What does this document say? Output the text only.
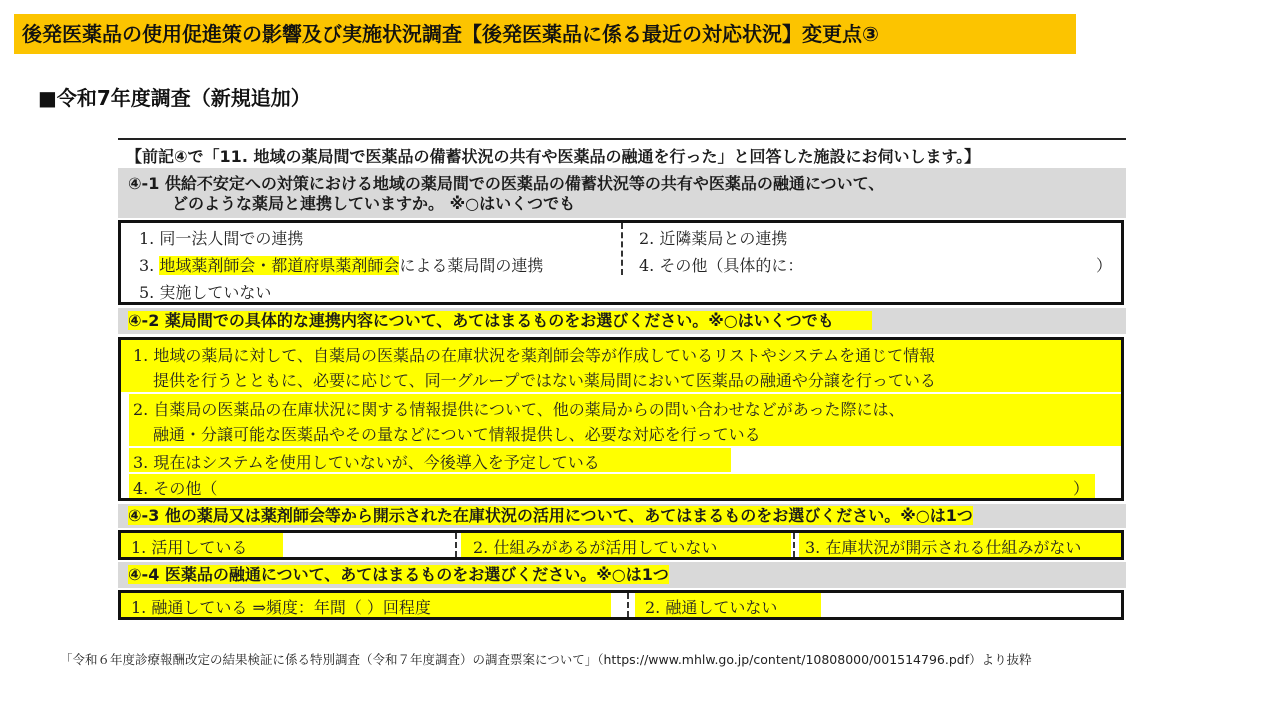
後発医薬品の使用促進策の影響及び実施状況調査【後発医薬品に係る最近の対応状況】変更点③
■令和7年度調査（新規追加）
【前記④で「11. 地域の薬局間で医薬品の備蓄状況の共有や医薬品の融通を行った」と回答した施設にお伺いします。】
④-1 供給不安定への対策における地域の薬局間での医薬品の備蓄状況等の共有や医薬品の融通について、
どのような薬局と連携していますか。 ※○はいくつでも
1. 同一法人間での連携	2. 近隣薬局との連携
3. 地域薬剤師会・都道府県薬剤師会による薬局間の連携	4. その他（具体的に：	）
5. 実施していない
④-2 薬局間での具体的な連携内容について、あてはまるものをお選びください。※○はいくつでも
1. 地域の薬局に対して、自薬局の医薬品の在庫状況を薬剤師会等が作成しているリストやシステムを通じて情報
提供を行うとともに、必要に応じて、同一グループではない薬局間において医薬品の融通や分譲を行っている
2. 自薬局の医薬品の在庫状況に関する情報提供について、他の薬局からの問い合わせなどがあった際には、
融通・分譲可能な医薬品やその量などについて情報提供し、必要な対応を行っている
3. 現在はシステムを使用していないが、今後導入を予定している
4. その他（	）
④-3 他の薬局又は薬剤師会等から開示された在庫状況の活用について、あてはまるものをお選びください。※○は1つ
1. 活用している	2. 仕組みがあるが活用していない	3. 在庫状況が開示される仕組みがない
④-4 医薬品の融通について、あてはまるものをお選びください。※○は1つ
1. 融通している ⇒頻度：年間（ ）回程度	2. 融通していない
「令和６年度診療報酬改定の結果検証に係る特別調査（令和７年度調査）の調査票案について」（https://www.mhlw.go.jp/content/10808000/001514796.pdf）より抜粋
